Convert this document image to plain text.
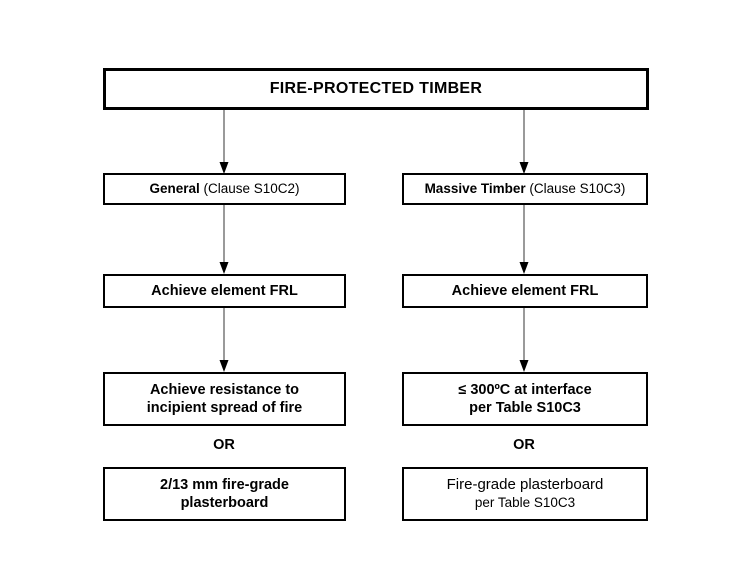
FIRE-PROTECTED TIMBER
General (Clause S10C2)
Achieve element FRL
Achieve resistance to
incipient spread of fire
OR
2/13 mm fire-grade
plasterboard
Massive Timber (Clause S10C3)
Achieve element FRL
≤ 300ºC at interface
per Table S10C3
OR
Fire-grade plasterboard
per Table S10C3
